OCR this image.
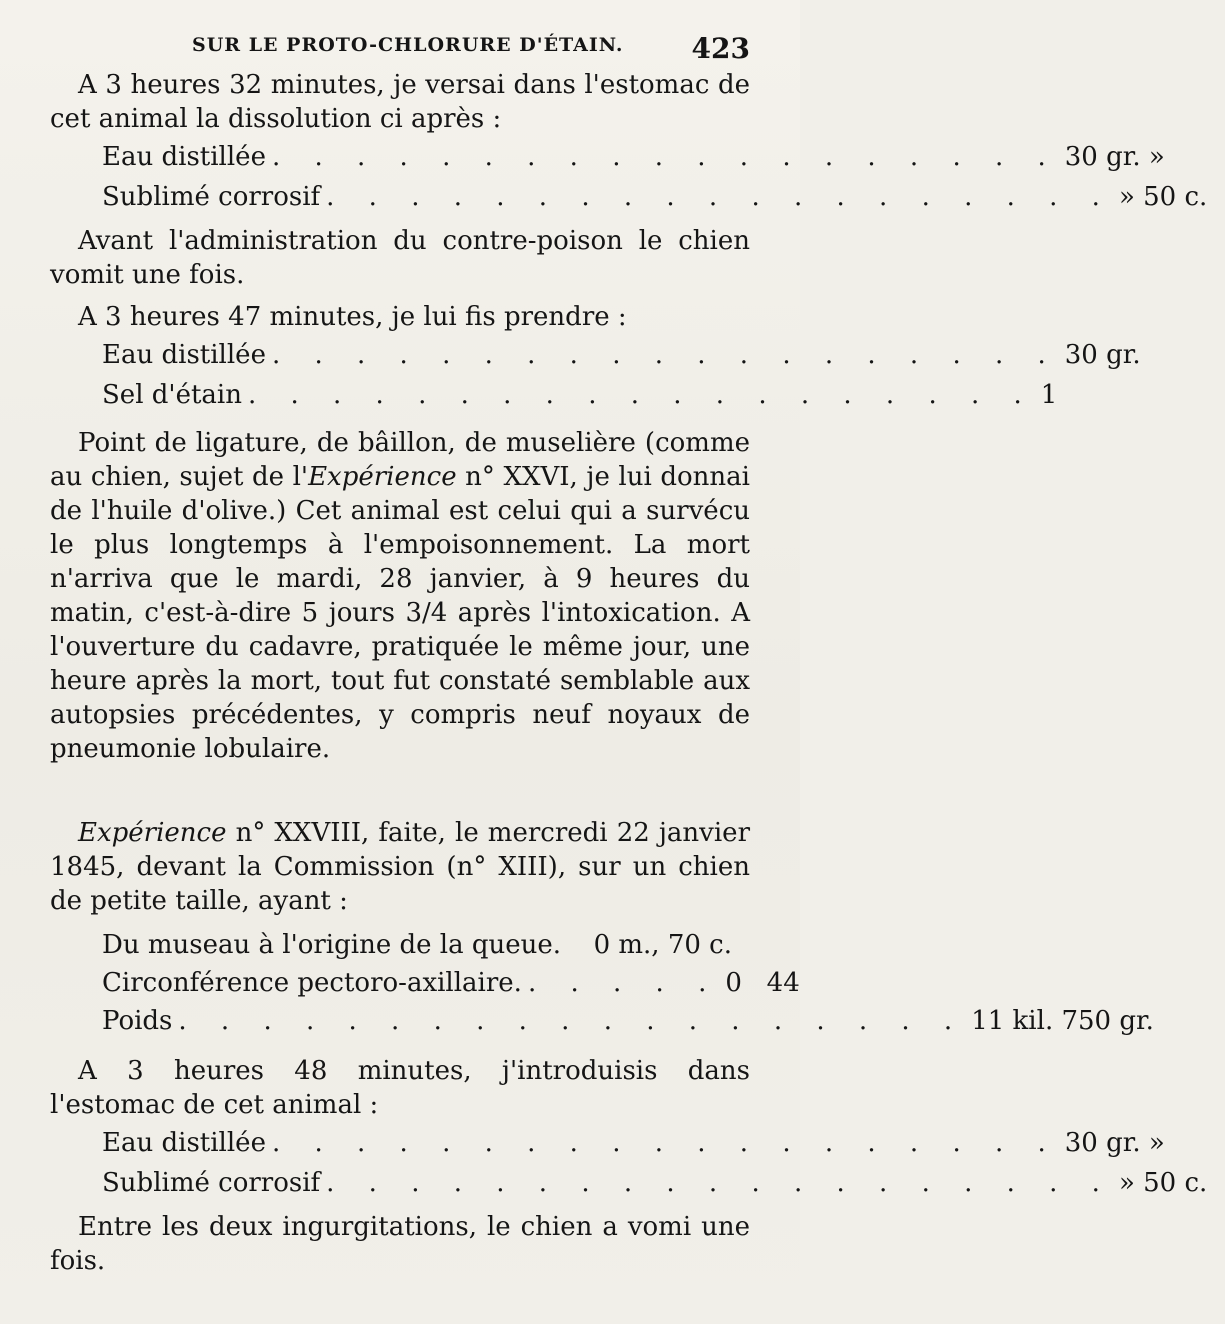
SUR LE PROTO-CHLORURE D'ÉTAIN. 423

A 3 heures 32 minutes, je versai dans l'estomac de cet animal la dissolution ci après :

Eau distillée . . . . . . . . . . . . . . . . . . . 30 gr. »
Sublimé corrosif . . . . . . . . . . . . . . . . . . . » 50 c.

Avant l'administration du contre-poison le chien vomit une fois.

A 3 heures 47 minutes, je lui fis prendre :

Eau distillée . . . . . . . . . . . . . . . . . . . 30 gr.
Sel d'étain . . . . . . . . . . . . . . . . . . . 1

Point de ligature, de bâillon, de muselière (comme au chien, sujet de l'Expérience n° XXVI, je lui donnai de l'huile d'olive.) Cet animal est celui qui a survécu le plus longtemps à l'empoisonnement. La mort n'arriva que le mardi, 28 janvier, à 9 heures du matin, c'est-à-dire 5 jours 3/4 après l'intoxication. A l'ouverture du cadavre, pratiquée le même jour, une heure après la mort, tout fut constaté semblable aux autopsies précédentes, y compris neuf noyaux de pneumonie lobulaire.

Expérience n° XXVIII, faite, le mercredi 22 janvier 1845, devant la Commission (n° XIII), sur un chien de petite taille, ayant :

Du museau à l'origine de la queue. 0 m., 70 c.
Circonférence pectoro-axillaire. . . . . . 0   44
Poids . . . . . . . . . . . . . . . . . . . 11 kil. 750 gr.

A 3 heures 48 minutes, j'introduisis dans l'estomac de cet animal :

Eau distillée . . . . . . . . . . . . . . . . . . . 30 gr. »
Sublimé corrosif . . . . . . . . . . . . . . . . . . . » 50 c.

Entre les deux ingurgitations, le chien a vomi une fois.
